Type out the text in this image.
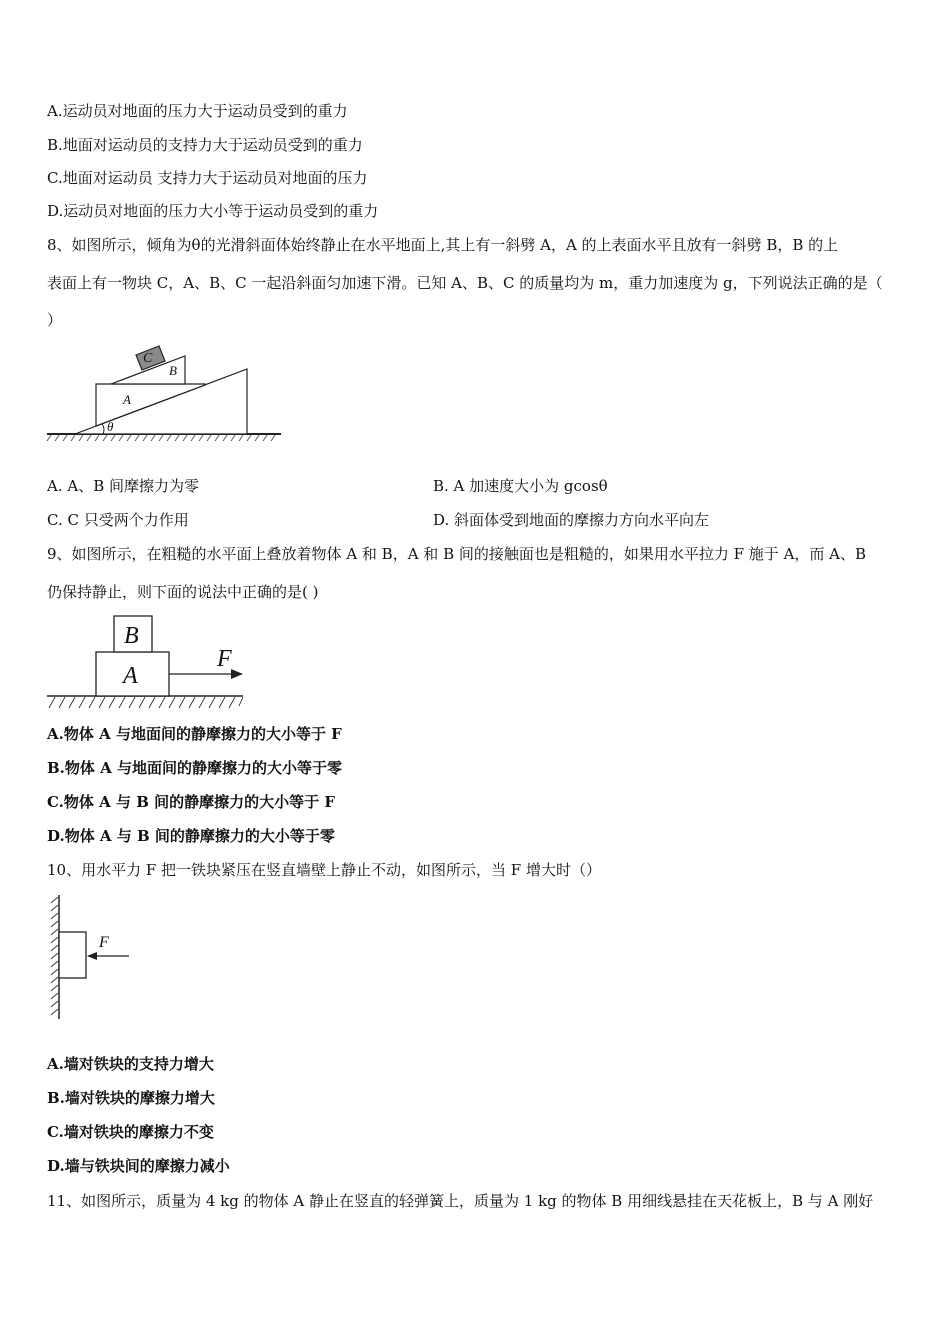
A.运动员对地面的压力大于运动员受到的重力
B.地面对运动员的支持力大于运动员受到的重力
C.地面对运动员 支持力大于运动员对地面的压力
D.运动员对地面的压力大小等于运动员受到的重力
8、如图所示，倾角为θ的光滑斜面体始终静止在水平地面上,其上有一斜劈 A，A 的上表面水平且放有一斜劈 B，B 的上
表面上有一物块 C，A、B、C 一起沿斜面匀加速下滑。已知 A、B、C 的质量均为 m，重力加速度为 g，下列说法正确的是（
）
C
B
A
θ
A. A、B 间摩擦力为零	B. A 加速度大小为 gcosθ
C. C 只受两个力作用	D. 斜面体受到地面的摩擦力方向水平向左
9、如图所示，在粗糙的水平面上叠放着物体 A 和 B，A 和 B 间的接触面也是粗糙的，如果用水平拉力 F 施于 A，而 A、B
仍保持静止，则下面的说法中正确的是( )
B
A
F
A.物体 A 与地面间的静摩擦力的大小等于 F
B.物体 A 与地面间的静摩擦力的大小等于零
C.物体 A 与 B 间的静摩擦力的大小等于 F
D.物体 A 与 B 间的静摩擦力的大小等于零
10、用水平力 F 把一铁块紧压在竖直墙壁上静止不动，如图所示，当 F 增大时（）
F
A.墙对铁块的支持力增大
B.墙对铁块的摩擦力增大
C.墙对铁块的摩擦力不变
D.墙与铁块间的摩擦力减小
11、如图所示，质量为 4 kg 的物体 A 静止在竖直的轻弹簧上，质量为 1 kg 的物体 B 用细线悬挂在天花板上，B 与 A 刚好
